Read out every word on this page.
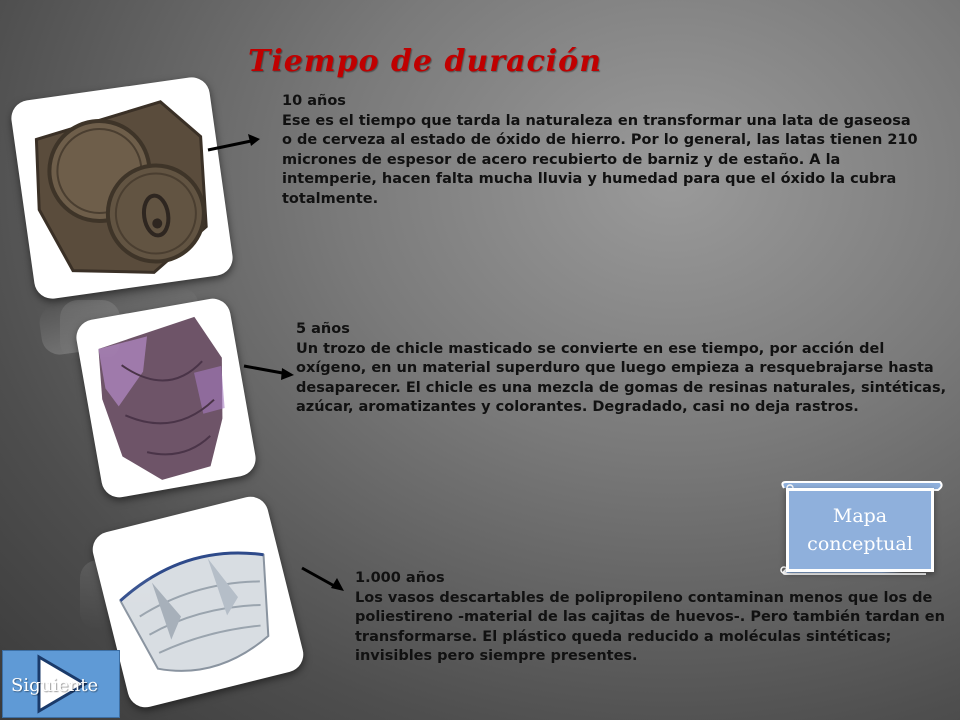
Tiempo de duración
10 años
Ese es el tiempo que tarda la naturaleza en transformar una lata de gaseosa o de cerveza al estado de óxido de hierro. Por lo general, las latas tienen 210 micrones de espesor de acero recubierto de barniz y de estaño. A la intemperie, hacen falta mucha lluvia y humedad para que el óxido la cubra totalmente.
5 años
Un trozo de chicle masticado se convierte en ese tiempo, por acción del oxígeno, en un material superduro que luego empieza a resquebrajarse hasta desaparecer. El chicle es una mezcla de gomas de resinas naturales, sintéticas, azúcar, aromatizantes y colorantes. Degradado, casi no deja rastros.
1.000 años
Los vasos descartables de polipropileno contaminan menos que los de poliestireno -material de las cajitas de huevos-. Pero también tardan en transformarse. El plástico queda reducido a moléculas sintéticas; invisibles pero siempre presentes.
Mapa conceptual
Siguiente
